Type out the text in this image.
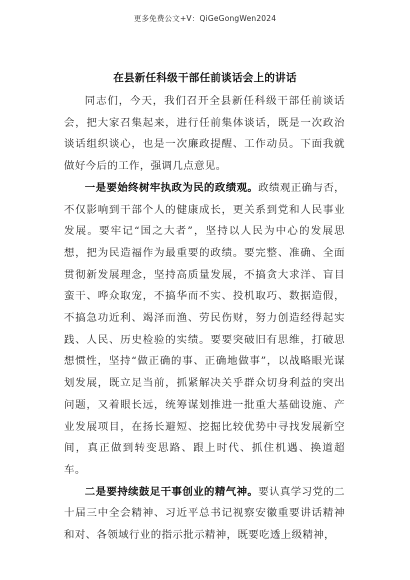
更多免费公文+V：QiGeGongWen2024
在县新任科级干部任前谈话会上的讲话

同志们，今天，我们召开全县新任科级干部任前谈话会，把大家召集起来，进行任前集体谈话，既是一次政治谈话组织谈心，也是一次廉政提醒、工作动员。下面我就做好今后的工作，强调几点意见。

一是要始终树牢执政为民的政绩观。政绩观正确与否，不仅影响到干部个人的健康成长，更关系到党和人民事业发展。要牢记“国之大者”，坚持以人民为中心的发展思想，把为民造福作为最重要的政绩。要完整、准确、全面贯彻新发展理念，坚持高质量发展，不搞贪大求洋、盲目蛮干、哗众取宠，不搞华而不实、投机取巧、数据造假，不搞急功近利、竭泽而渔、劳民伤财，努力创造经得起实践、人民、历史检验的实绩。要要突破旧有思维，打破思想惯性，坚持“做正确的事、正确地做事”，以战略眼光谋划发展，既立足当前，抓紧解决关乎群众切身利益的突出问题，又着眼长远，统筹谋划推进一批重大基础设施、产业发展项目，在扬长避短、挖掘比较优势中寻找发展新空间，真正做到转变思路、跟上时代、抓住机遇、换道超车。

二是要持续鼓足干事创业的精气神。要认真学习党的二十届三中全会精神、习近平总书记视察安徽重要讲话精神和对、各领域行业的指示批示精神，既要吃透上级精神，
